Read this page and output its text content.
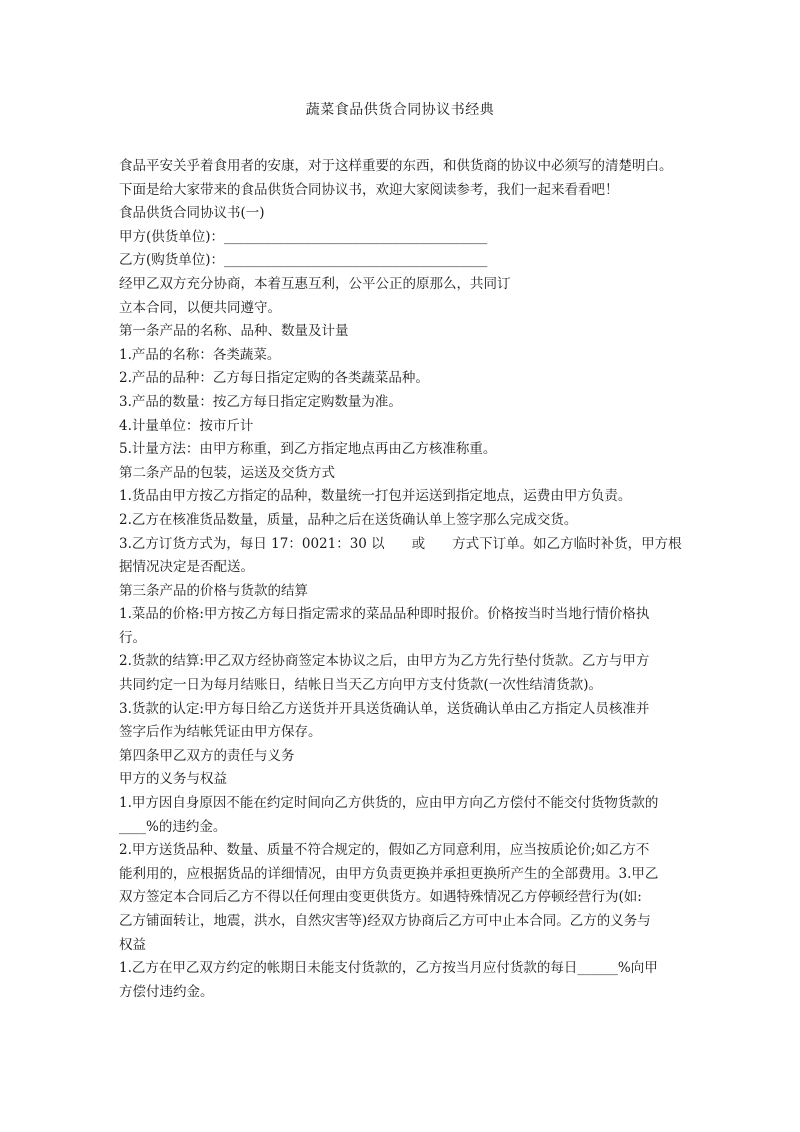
蔬菜食品供货合同协议书经典
食品平安关乎着食用者的安康，对于这样重要的东西，和供货商的协议中必须写的清楚明白。
下面是给大家带来的食品供货合同协议书，欢迎大家阅读参考，我们一起来看看吧！
食品供货合同协议书(一)
甲方(供货单位)：_______________________________________
乙方(购货单位)：_______________________________________
经甲乙双方充分协商，本着互惠互利，公平公正的原那么，共同订
立本合同，以便共同遵守。
第一条产品的名称、品种、数量及计量
1.产品的名称：各类蔬菜。
2.产品的品种：乙方每日指定定购的各类蔬菜品种。
3.产品的数量：按乙方每日指定定购数量为准。
4.计量单位：按市斤计
5.计量方法：由甲方称重，到乙方指定地点再由乙方核准称重。
第二条产品的包装，运送及交货方式
1.货品由甲方按乙方指定的品种，数量统一打包并运送到指定地点，运费由甲方负责。
2.乙方在核准货品数量，质量，品种之后在送货确认单上签字那么完成交货。
3.乙方订货方式为，每日 17：0021：30 以　　或　　方式下订单。如乙方临时补货，甲方根
据情况决定是否配送。
第三条产品的价格与货款的结算
1.菜品的价格:甲方按乙方每日指定需求的菜品品种即时报价。价格按当时当地行情价格执
行。
2.货款的结算:甲乙双方经协商签定本协议之后，由甲方为乙方先行垫付货款。乙方与甲方
共同约定一日为每月结账日，结帐日当天乙方向甲方支付货款(一次性结清货款)。
3.货款的认定:甲方每日给乙方送货并开具送货确认单，送货确认单由乙方指定人员核准并
签字后作为结帐凭证由甲方保存。
第四条甲乙双方的责任与义务
甲方的义务与权益
1.甲方因自身原因不能在约定时间向乙方供货的，应由甲方向乙方偿付不能交付货物货款的
____%的违约金。
2.甲方送货品种、数量、质量不符合规定的，假如乙方同意利用，应当按质论价;如乙方不
能利用的，应根据货品的详细情况，由甲方负责更换并承担更换所产生的全部费用。3.甲乙
双方签定本合同后乙方不得以任何理由变更供货方。如遇特殊情况乙方停顿经营行为(如:
乙方铺面转让，地震，洪水，自然灾害等)经双方协商后乙方可中止本合同。乙方的义务与
权益
1.乙方在甲乙双方约定的帐期日未能支付货款的，乙方按当月应付货款的每日______%向甲
方偿付违约金。
